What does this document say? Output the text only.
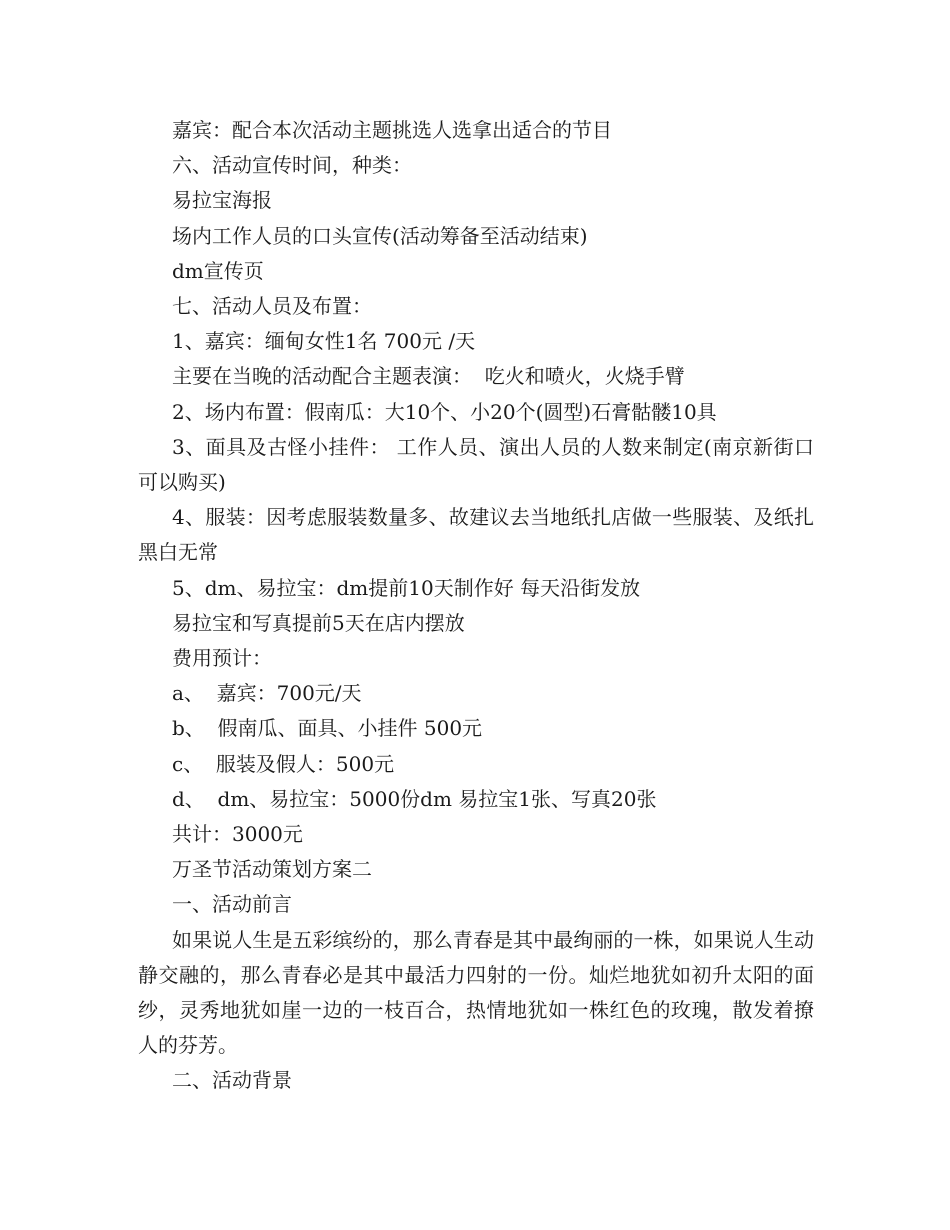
嘉宾：配合本次活动主题挑选人选拿出适合的节目

六、活动宣传时间，种类：

易拉宝海报

场内工作人员的口头宣传(活动筹备至活动结束)

dm宣传页

七、活动人员及布置：

1、嘉宾：缅甸女性1名 700元 /天

主要在当晚的活动配合主题表演：  吃火和喷火，火烧手臂

2、场内布置：假南瓜：大10个、小20个(圆型)石膏骷髅10具

3、面具及古怪小挂件： 工作人员、演出人员的人数来制定(南京新街口可以购买)

4、服装：因考虑服装数量多、故建议去当地纸扎店做一些服装、及纸扎黑白无常

5、dm、易拉宝：dm提前10天制作好 每天沿街发放

易拉宝和写真提前5天在店内摆放

费用预计：

a、  嘉宾：700元/天

b、  假南瓜、面具、小挂件 500元

c、  服装及假人：500元

d、  dm、易拉宝：5000份dm 易拉宝1张、写真20张

共计：3000元

万圣节活动策划方案二

一、活动前言

如果说人生是五彩缤纷的，那么青春是其中最绚丽的一株，如果说人生动静交融的，那么青春必是其中最活力四射的一份。灿烂地犹如初升太阳的面纱，灵秀地犹如崖一边的一枝百合，热情地犹如一株红色的玫瑰，散发着撩人的芬芳。

二、活动背景
